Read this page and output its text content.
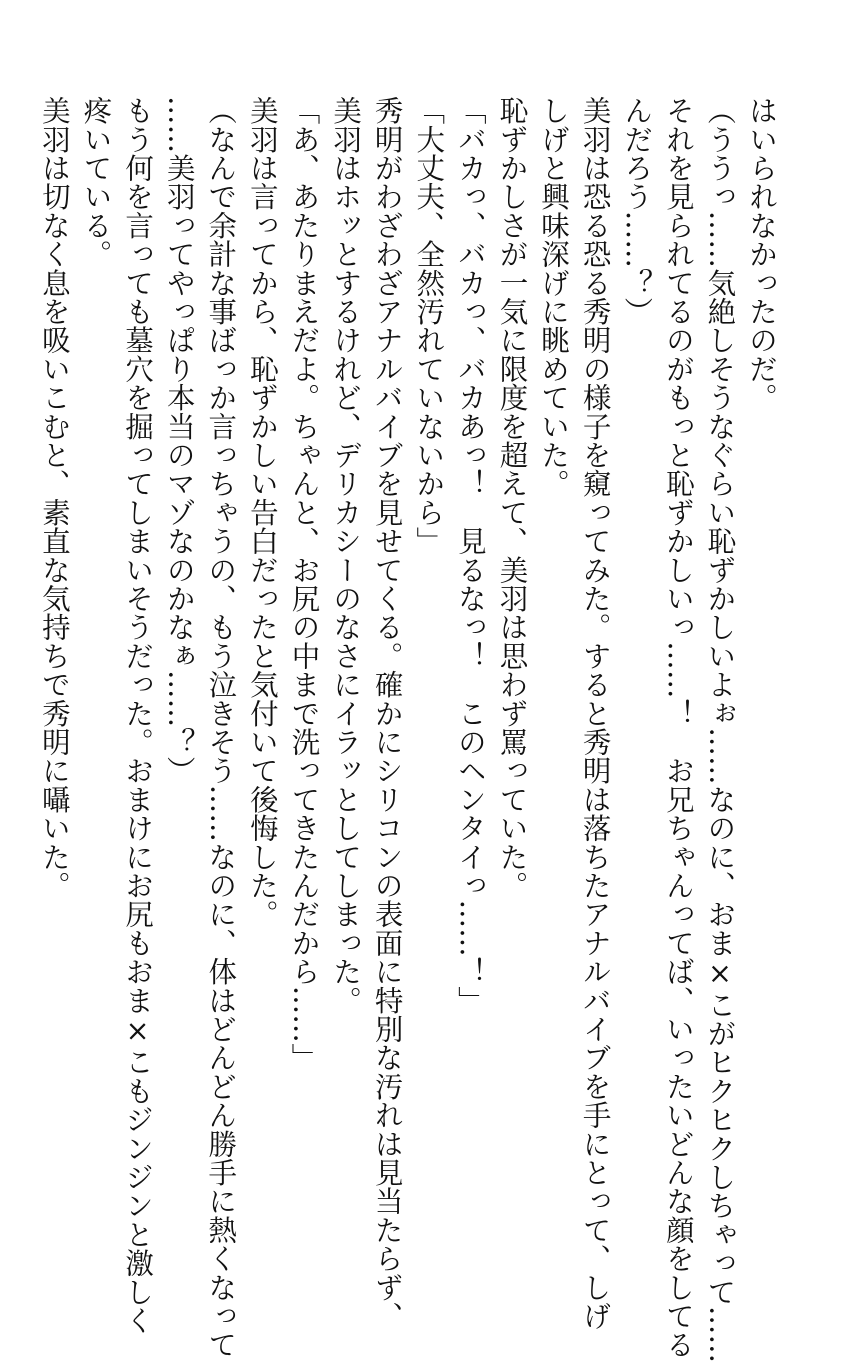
はいられなかったのだ。
（ううっ……気絶しそうなぐらい恥ずかしいよぉ……なのに、おま×こがヒクヒクしちゃって……
それを見られてるのがもっと恥ずかしいっ……！　お兄ちゃんってば、いったいどんな顔をしてる
んだろう……？）
美羽は恐る恐る秀明の様子を窺ってみた。すると秀明は落ちたアナルバイブを手にとって、しげ
しげと興味深げに眺めていた。
恥ずかしさが一気に限度を超えて、美羽は思わず罵っていた。
「バカっ、バカっ、バカあっ！　見るなっ！　このヘンタイっ……！」
「大丈夫、全然汚れていないから」
秀明がわざわざアナルバイブを見せてくる。確かにシリコンの表面に特別な汚れは見当たらず、
美羽はホッとするけれど、デリカシーのなさにイラッとしてしまった。
「あ、あたりまえだよ。ちゃんと、お尻の中まで洗ってきたんだから……」
美羽は言ってから、恥ずかしい告白だったと気付いて後悔した。
（なんで余計な事ばっか言っちゃうの、もう泣きそう……なのに、体はどんどん勝手に熱くなって
……美羽ってやっぱり本当のマゾなのかなぁ……？）
もう何を言っても墓穴を掘ってしまいそうだった。おまけにお尻もおま×こもジンジンと激しく
疼いている。
美羽は切なく息を吸いこむと、素直な気持ちで秀明に囁いた。
